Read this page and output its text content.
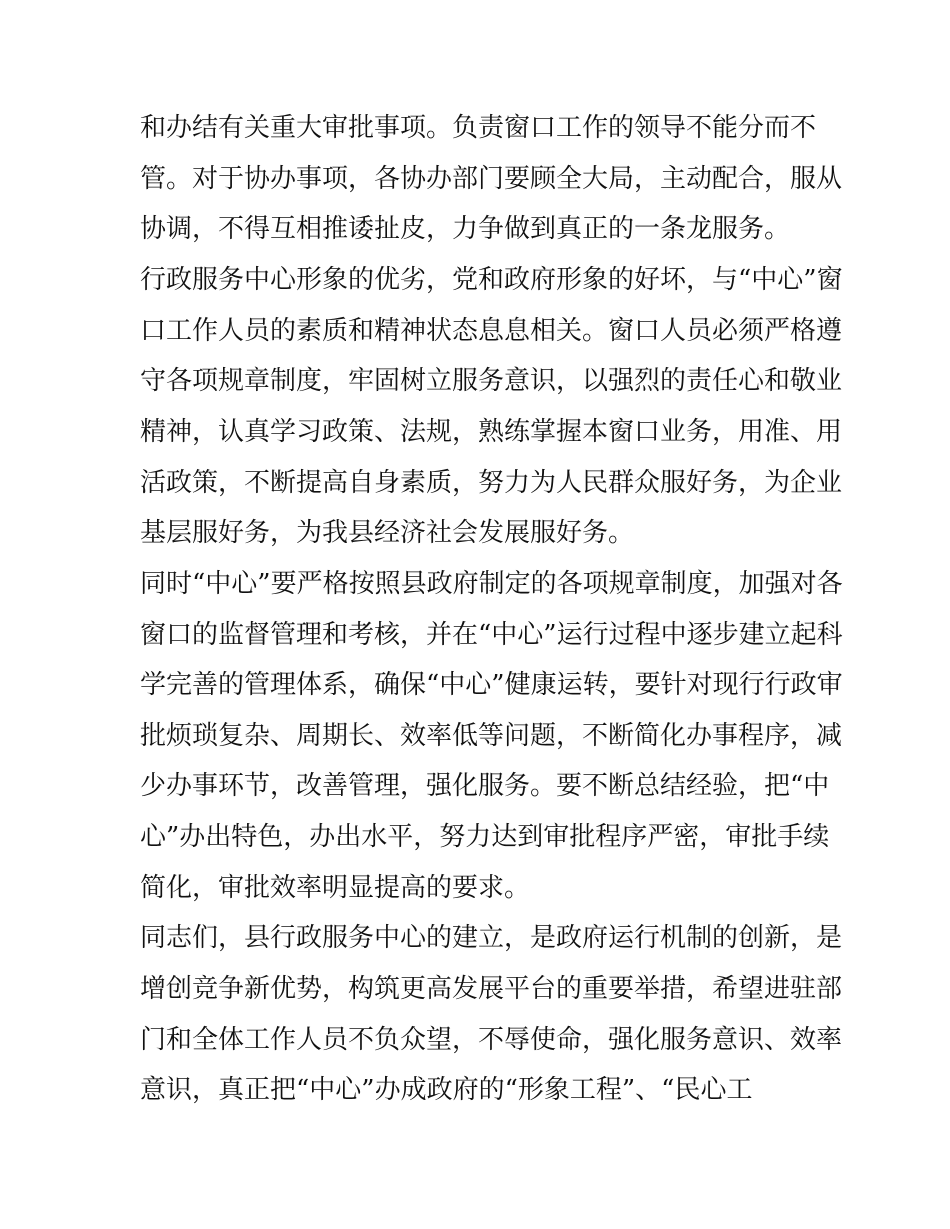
和办结有关重大审批事项。负责窗口工作的领导不能分而不
管。对于协办事项，各协办部门要顾全大局，主动配合，服从
协调，不得互相推诿扯皮，力争做到真正的一条龙服务。
行政服务中心形象的优劣，党和政府形象的好坏，与“中心”窗
口工作人员的素质和精神状态息息相关。窗口人员必须严格遵
守各项规章制度，牢固树立服务意识，以强烈的责任心和敬业
精神，认真学习政策、法规，熟练掌握本窗口业务，用准、用
活政策，不断提高自身素质，努力为人民群众服好务，为企业
基层服好务，为我县经济社会发展服好务。
同时“中心”要严格按照县政府制定的各项规章制度，加强对各
窗口的监督管理和考核，并在“中心”运行过程中逐步建立起科
学完善的管理体系，确保“中心”健康运转，要针对现行行政审
批烦琐复杂、周期长、效率低等问题，不断简化办事程序，减
少办事环节，改善管理，强化服务。要不断总结经验，把“中
心”办出特色，办出水平，努力达到审批程序严密，审批手续
简化，审批效率明显提高的要求。
同志们，县行政服务中心的建立，是政府运行机制的创新，是
增创竞争新优势，构筑更高发展平台的重要举措，希望进驻部
门和全体工作人员不负众望，不辱使命，强化服务意识、效率
意识，真正把“中心”办成政府的“形象工程”、“民心工
